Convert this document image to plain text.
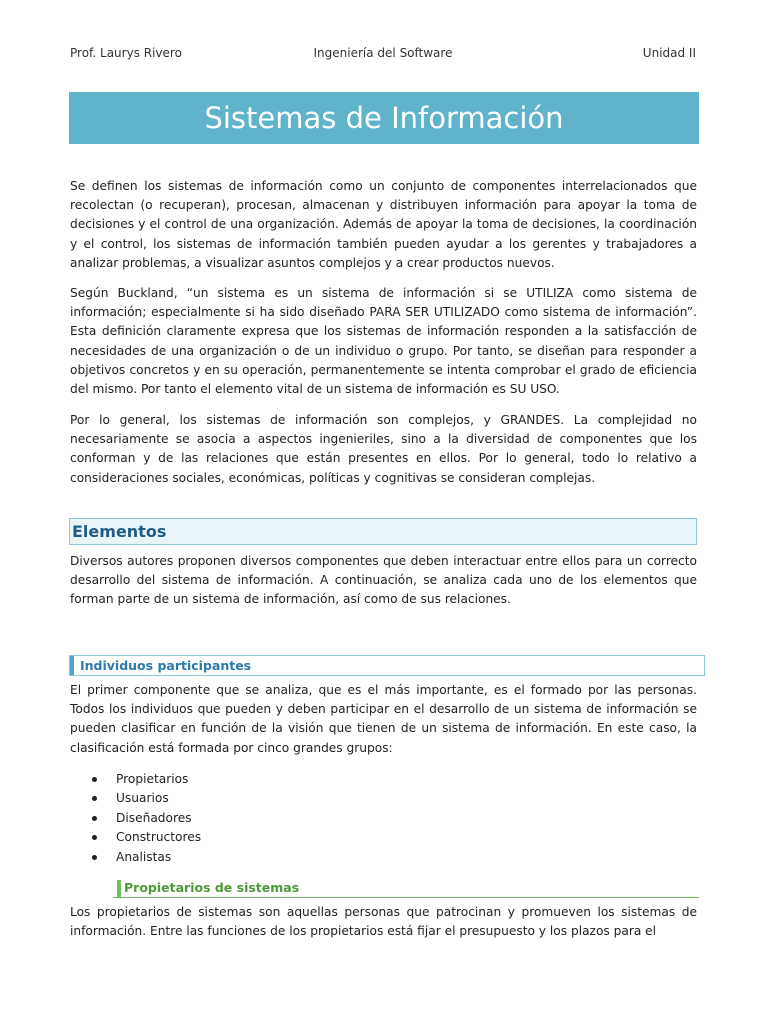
Prof. Laurys Rivero	Ingeniería del Software	Unidad II
Sistemas de Información

Se definen los sistemas de información como un conjunto de componentes interrelacionados que recolectan (o recuperan), procesan, almacenan y distribuyen información para apoyar la toma de decisiones y el control de una organización. Además de apoyar la toma de decisiones, la coordinación y el control, los sistemas de información también pueden ayudar a los gerentes y trabajadores a analizar problemas, a visualizar asuntos complejos y a crear productos nuevos.

Según Buckland, “un sistema es un sistema de información si se UTILIZA como sistema de información; especialmente si ha sido diseñado PARA SER UTILIZADO como sistema de información”. Esta definición claramente expresa que los sistemas de información responden a la satisfacción de necesidades de una organización o de un individuo o grupo. Por tanto, se diseñan para responder a objetivos concretos y en su operación, permanentemente se intenta comprobar el grado de eficiencia del mismo. Por tanto el elemento vital de un sistema de información es SU USO.

Por lo general, los sistemas de información son complejos, y GRANDES. La complejidad no necesariamente se asocia a aspectos ingenieriles, sino a la diversidad de componentes que los conforman y de las relaciones que están presentes en ellos. Por lo general, todo lo relativo a consideraciones sociales, económicas, políticas y cognitivas se consideran complejas.

Elementos

Diversos autores proponen diversos componentes que deben interactuar entre ellos para un correcto desarrollo del sistema de información. A continuación, se analiza cada uno de los elementos que forman parte de un sistema de información, así como de sus relaciones.

Individuos participantes

El primer componente que se analiza, que es el más importante, es el formado por las personas. Todos los individuos que pueden y deben participar en el desarrollo de un sistema de información se pueden clasificar en función de la visión que tienen de un sistema de información. En este caso, la clasificación está formada por cinco grandes grupos:

Propietarios
Usuarios
Diseñadores
Constructores
Analistas
Propietarios de sistemas

Los propietarios de sistemas son aquellas personas que patrocinan y promueven los sistemas de información. Entre las funciones de los propietarios está fijar el presupuesto y los plazos para el
